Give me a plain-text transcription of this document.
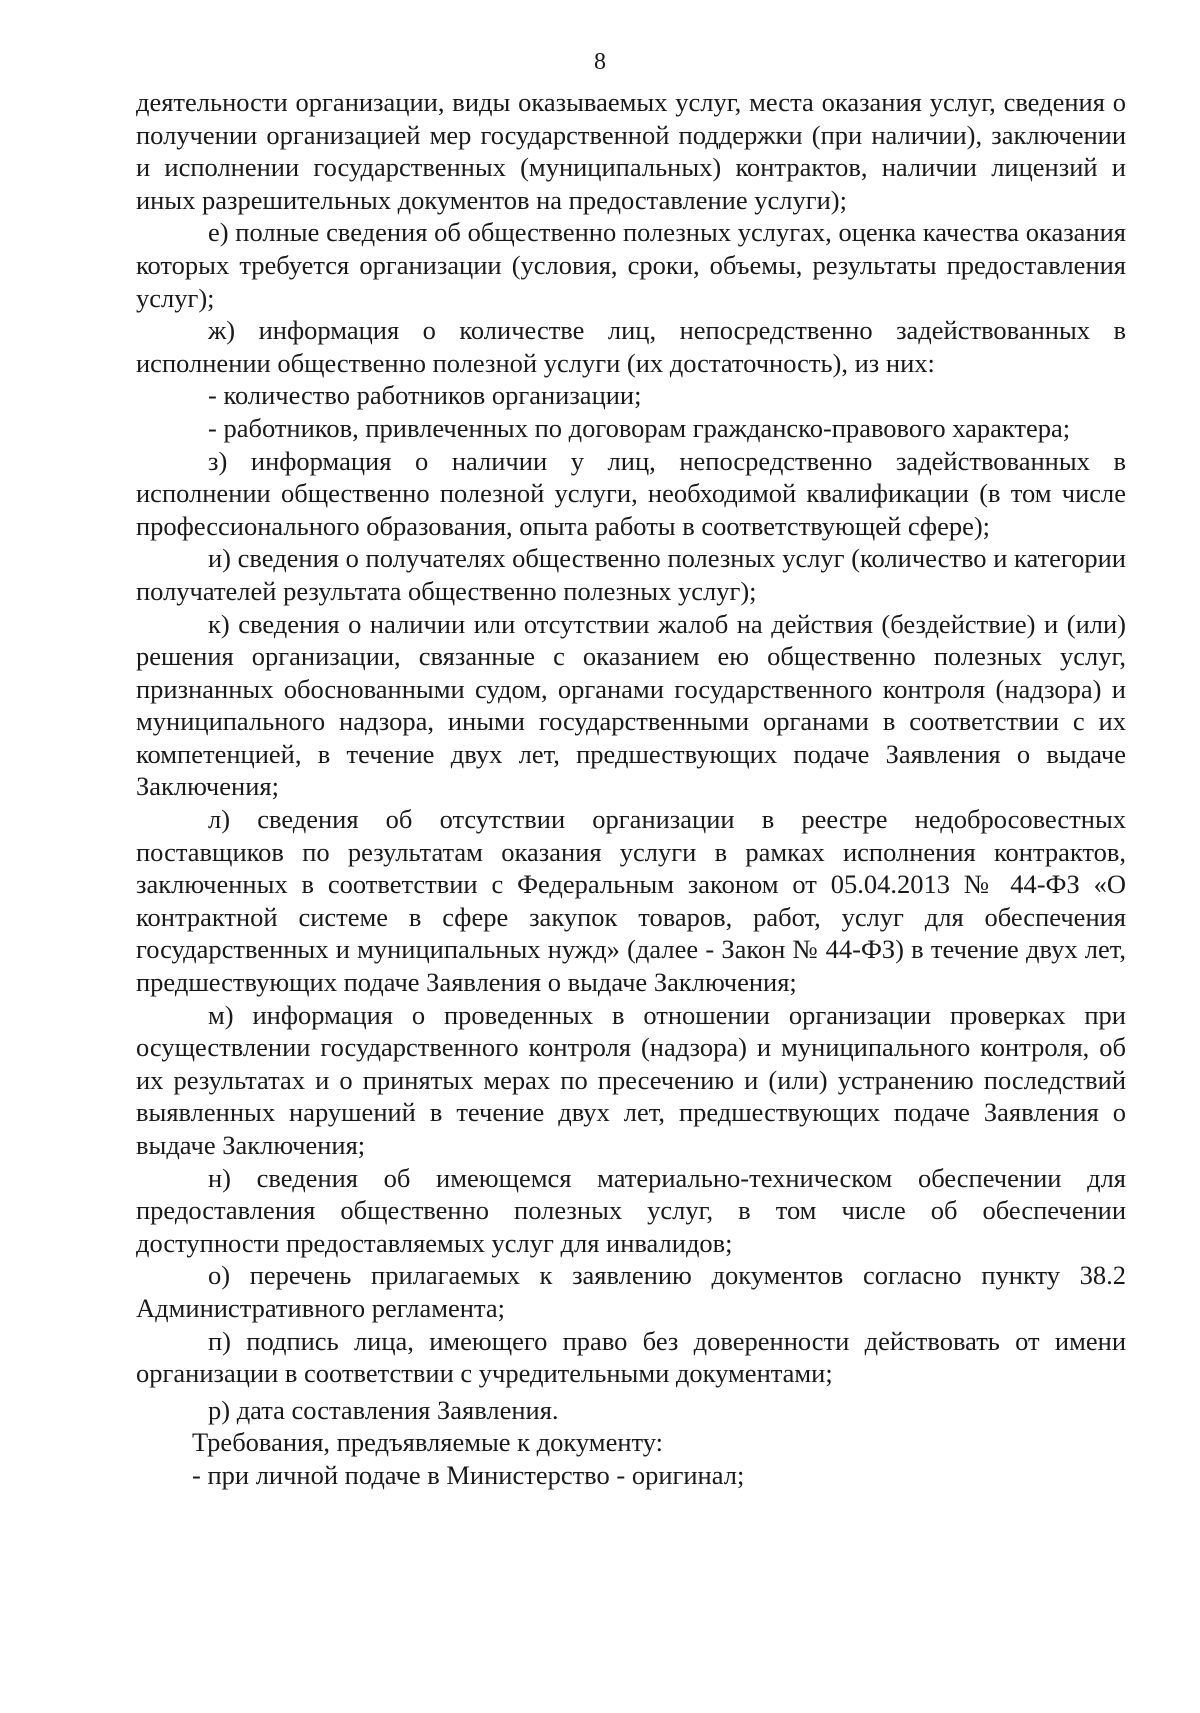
8

деятельности организации, виды оказываемых услуг, места оказания услуг, сведения о получении организацией мер государственной поддержки (при наличии), заключении и исполнении государственных (муниципальных) контрактов, наличии лицензий и иных разрешительных документов на предоставление услуги);

е) полные сведения об общественно полезных услугах, оценка качества оказания которых требуется организации (условия, сроки, объемы, результаты предоставления услуг);

ж) информация о количестве лиц, непосредственно задействованных в исполнении общественно полезной услуги (их достаточность), из них:

- количество работников организации;

- работников, привлеченных по договорам гражданско-правового характера;

з) информация о наличии у лиц, непосредственно задействованных в исполнении общественно полезной услуги, необходимой квалификации (в том числе профессионального образования, опыта работы в соответствующей сфере);

и) сведения о получателях общественно полезных услуг (количество и категории получателей результата общественно полезных услуг);

к) сведения о наличии или отсутствии жалоб на действия (бездействие) и (или) решения организации, связанные с оказанием ею общественно полезных услуг, признанных обоснованными судом, органами государственного контроля (надзора) и муниципального надзора, иными государственными органами в соответствии с их компетенцией, в течение двух лет, предшествующих подаче Заявления о выдаче Заключения;

л) сведения об отсутствии организации в реестре недобросовестных поставщиков по результатам оказания услуги в рамках исполнения контрактов, заключенных в соответствии с Федеральным законом от 05.04.2013 № 44-ФЗ «О контрактной системе в сфере закупок товаров, работ, услуг для обеспечения государственных и муниципальных нужд» (далее - Закон № 44-ФЗ) в течение двух лет, предшествующих подаче Заявления о выдаче Заключения;

м) информация о проведенных в отношении организации проверках при осуществлении государственного контроля (надзора) и муниципального контроля, об их результатах и о принятых мерах по пресечению и (или) устранению последствий выявленных нарушений в течение двух лет, предшествующих подаче Заявления о выдаче Заключения;

н) сведения об имеющемся материально-техническом обеспечении для предоставления общественно полезных услуг, в том числе об обеспечении доступности предоставляемых услуг для инвалидов;

о) перечень прилагаемых к заявлению документов согласно пункту 38.2 Административного регламента;

п) подпись лица, имеющего право без доверенности действовать от имени организации в соответствии с учредительными документами;

р) дата составления Заявления.

Требования, предъявляемые к документу:

- при личной подаче в Министерство - оригинал;
